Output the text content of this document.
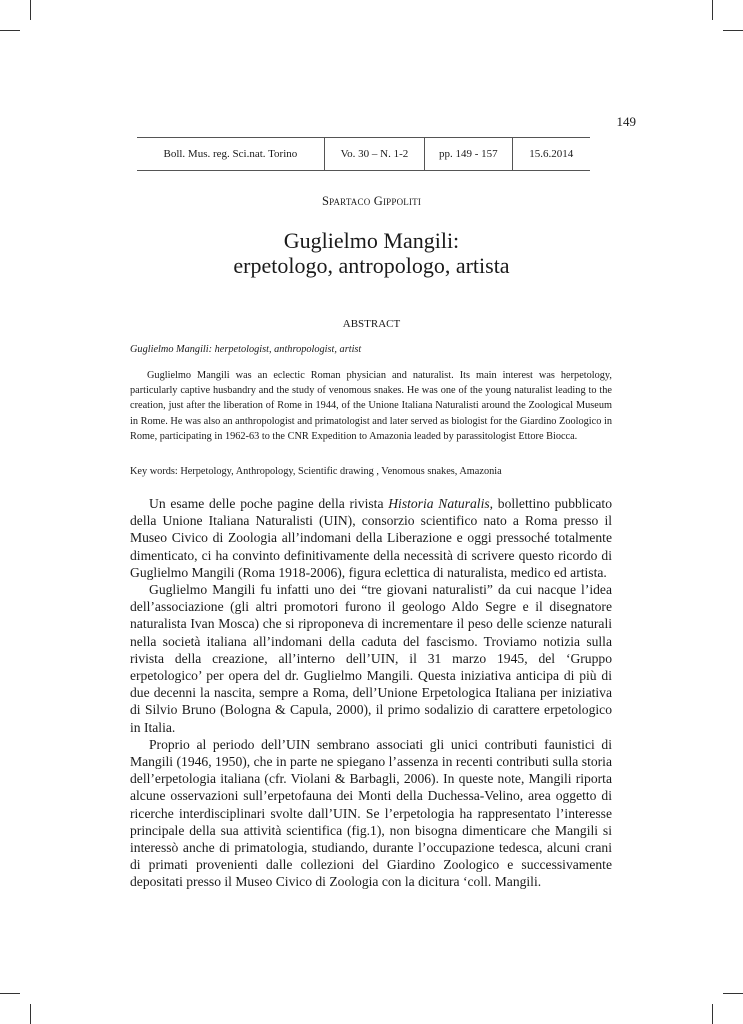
149
Boll. Mus. reg. Sci.nat. Torino	Vo. 30 – N. 1-2	pp. 149 - 157	15.6.2014
Spartaco Gippoliti
Guglielmo Mangili:
erpetologo, antropologo, artista
ABSTRACT
Guglielmo Mangili: herpetologist, anthropologist, artist
Guglielmo Mangili was an eclectic Roman physician and naturalist. Its main interest was herpetology, particularly captive husbandry and the study of venomous snakes. He was one of the young naturalist leading to the creation, just after the liberation of Rome in 1944, of the Unione Italiana Naturalisti around the Zoological Museum in Rome. He was also an anthropologist and primatologist and later served as biologist for the Giardino Zoologico in Rome, participating in 1962-63 to the CNR Expedition to Amazonia leaded by parassitologist Ettore Biocca.
Key words: Herpetology, Anthropology, Scientific drawing , Venomous snakes, Amazonia

Un esame delle poche pagine della rivista Historia Naturalis, bollettino pubblicato della Unione Italiana Naturalisti (UIN), consorzio scientifico nato a Roma presso il Museo Civico di Zoologia all’indomani della Liberazione e oggi pressoché totalmente dimenticato, ci ha convinto definitivamente della necessità di scrivere questo ricordo di Guglielmo Mangili (Roma 1918-2006), figura eclettica di naturalista, medico ed artista.

Guglielmo Mangili fu infatti uno dei “tre giovani naturalisti” da cui nacque l’idea dell’associazione (gli altri promotori furono il geologo Aldo Segre e il disegnatore naturalista Ivan Mosca) che si riproponeva di incrementare il peso delle scienze naturali nella società italiana all’indomani della caduta del fascismo. Troviamo notizia sulla rivista della creazione, all’interno dell’UIN, il 31 marzo 1945, del ‘Gruppo erpetologico’ per opera del dr. Guglielmo Mangili. Questa iniziativa anticipa di più di due decenni la nascita, sempre a Roma, dell’Unione Erpetologica Italiana per iniziativa di Silvio Bruno (Bologna & Capula, 2000), il primo sodalizio di carattere erpetologico in Italia.

Proprio al periodo dell’UIN sembrano associati gli unici contributi faunistici di Mangili (1946, 1950), che in parte ne spiegano l’assenza in recenti contributi sulla storia dell’erpetologia italiana (cfr. Violani & Barbagli, 2006). In queste note, Mangili riporta alcune osservazioni sull’erpetofauna dei Monti della Duchessa-Velino, area oggetto di ricerche interdisciplinari svolte dall’UIN. Se l’erpetologia ha rappresentato l’interesse principale della sua attività scientifica (fig.1), non bisogna dimenticare che Mangili si interessò anche di primatologia, studiando, durante l’occupazione tedesca, alcuni crani di primati provenienti dalle collezioni del Giardino Zoologico e successivamente depositati presso il Museo Civico di Zoologia con la dicitura ‘coll. Mangili.
